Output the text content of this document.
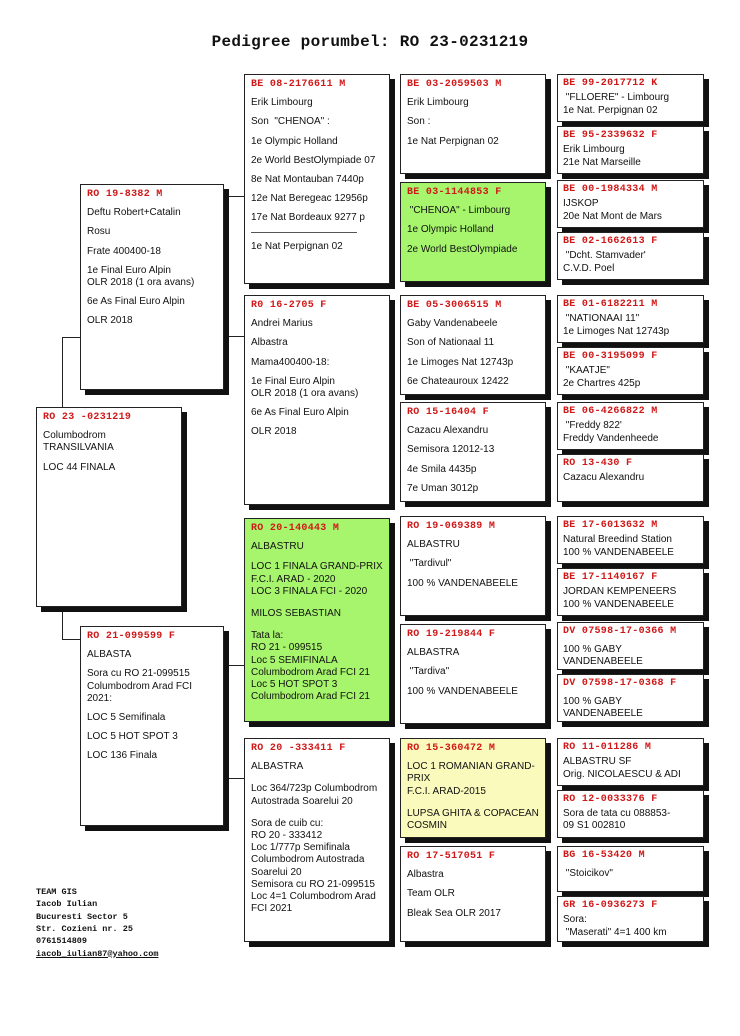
Pedigree porumbel: RO 23-0231219
RO 23 -0231219
Columbodrom TRANSILVANIA
LOC 44 FINALA
RO 19-8382 M
Deftu Robert+Catalin
Rosu
Frate 400400-18
1e Final Euro Alpin
OLR 2018 (1 ora avans)
6e As Final Euro Alpin
OLR 2018
RO 21-099599 F
ALBASTA
Sora cu RO 21-099515
Columbodrom Arad FCI
2021:
LOC 5 Semifinala
LOC 5 HOT SPOT 3
LOC 136 Finala
BE 08-2176611 M
Erik Limbourg
Son  "CHENOA" :
1e Olympic Holland
2e World BestOlympiade 07
8e Nat Montauban 7440p
12e Nat Beregeac 12956p
17e Nat Bordeaux 9277 p
1e Nat Perpignan 02
R0 16-2705 F
Andrei Marius
Albastra
Mama400400-18:
1e Final Euro Alpin
OLR 2018 (1 ora avans)
6e As Final Euro Alpin
OLR 2018
RO 20-140443 M
ALBASTRU
LOC 1 FINALA GRAND-PRIX
F.C.I. ARAD - 2020
LOC 3 FINALA FCI - 2020
MILOS SEBASTIAN
Tata la:
RO 21 - 099515
Loc 5 SEMIFINALA
Columbodrom Arad FCI 21
Loc 5 HOT SPOT 3
Columbodrom Arad FCI 21
RO 20 -333411 F
ALBASTRA
Loc 364/723p Columbodrom
Autostrada Soarelui 20
Sora de cuib cu:
RO 20 - 333412
Loc 1/777p Semifinala
Columbodrom Autostrada
Soarelui 20
Semisora cu RO 21-099515
Loc 4=1 Columbodrom Arad
FCI 2021
BE 03-2059503 M
Erik Limbourg
Son :
1e Nat Perpignan 02
BE 03-1144853 F
"CHENOA" - Limbourg
1e Olympic Holland
2e World BestOlympiade
BE 05-3006515 M
Gaby Vandenabeele
Son of Nationaal 11
1e Limoges Nat 12743p
6e Chateauroux 12422
RO 15-16404 F
Cazacu Alexandru
Semisora 12012-13
4e Smila 4435p
7e Uman 3012p
RO 19-069389 M
ALBASTRU
"Tardivul"
100 % VANDENABEELE
RO 19-219844 F
ALBASTRA
"Tardiva"
100 % VANDENABEELE
RO 15-360472 M
LOC 1 ROMANIAN GRAND-PRIX
F.C.I. ARAD-2015
LUPSA GHITA & COPACEAN
COSMIN
RO 17-517051 F
Albastra
Team OLR
Bleak Sea OLR 2017
BE 99-2017712 K
"FLLOERE" - Limbourg
1e Nat. Perpignan 02
BE 95-2339632 F
Erik Limbourg
21e Nat Marseille
BE 00-1984334 M
IJSKOP
20e Nat Mont de Mars
BE 02-1662613 F
"Dcht. Stamvader'
C.V.D. Poel
BE 01-6182211 M
"NATIONAAI 11"
1e Limoges Nat 12743p
BE 00-3195099 F
"KAATJE"
2e Chartres 425p
BE 06-4266822 M
"Freddy 822'
Freddy Vandenheede
RO 13-430 F
Cazacu Alexandru
BE 17-6013632 M
Natural Breedind Station
100 % VANDENABEELE
BE 17-1140167 F
JORDAN KEMPENEERS
100 % VANDENABEELE
DV 07598-17-0366 M
100 % GABY VANDENABEELE
DV 07598-17-0368 F
100 % GABY VANDENABEELE
RO 11-011286 M
ALBASTRU SF
Orig. NICOLAESCU & ADI
RO 12-0033376 F
Sora de tata cu 088853-
09 S1 002810
BG 16-53420 M
"Stoicikov"
GR 16-0936273 F
Sora:
"Maserati" 4=1 400 km
TEAM GIS
Iacob Iulian
Bucuresti Sector 5
Str. Cozieni nr. 25
0761514809
iacob_iulian87@yahoo.com
